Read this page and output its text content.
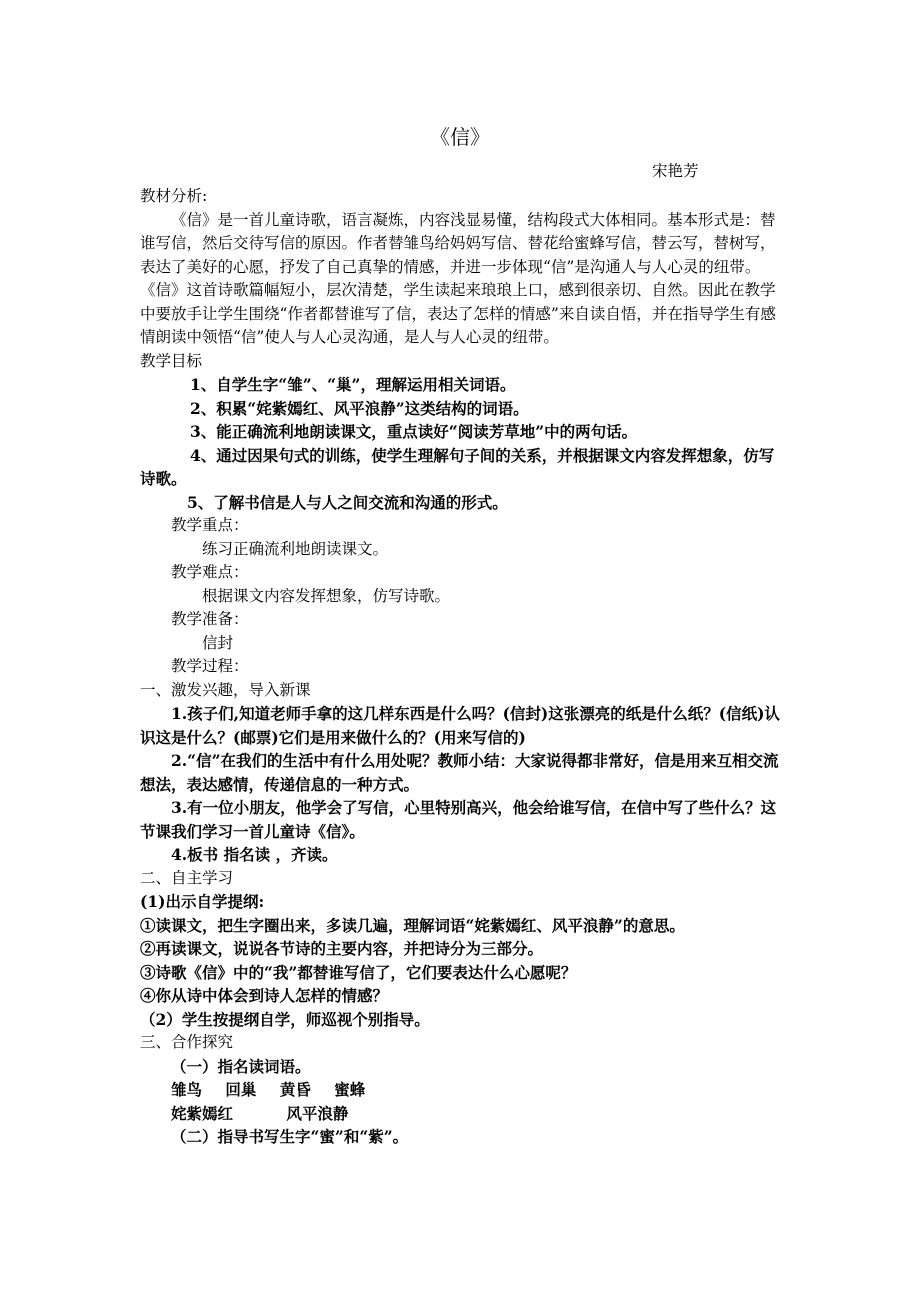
《信》
宋艳芳

教材分析:

《信》是一首儿童诗歌，语言凝炼，内容浅显易懂，结构段式大体相同。基本形式是：替谁写信，然后交待写信的原因。作者替雏鸟给妈妈写信、替花给蜜蜂写信，替云写，替树写，表达了美好的心愿，抒发了自己真挚的情感，并进一步体现“信”是沟通人与人心灵的纽带。《信》这首诗歌篇幅短小，层次清楚，学生读起来琅琅上口，感到很亲切、自然。因此在教学中要放手让学生围绕“作者都替谁写了信，表达了怎样的情感”来自读自悟，并在指导学生有感情朗读中领悟“信”使人与人心灵沟通，是人与人心灵的纽带。

教学目标

1、自学生字“雏”、“巢”，理解运用相关词语。

2、积累“姹紫嫣红、风平浪静”这类结构的词语。

3、能正确流利地朗读课文，重点读好“阅读芳草地”中的两句话。

4、通过因果句式的训练，使学生理解句子间的关系，并根据课文内容发挥想象，仿写诗歌。

5、了解书信是人与人之间交流和沟通的形式。

教学重点：

练习正确流利地朗读课文。

教学难点：

根据课文内容发挥想象，仿写诗歌。

教学准备：

信封

教学过程：

一、激发兴趣，导入新课

1.孩子们,知道老师手拿的这几样东西是什么吗？(信封)这张漂亮的纸是什么纸？(信纸)认识这是什么？(邮票)它们是用来做什么的？(用来写信的)

2.“信”在我们的生活中有什么用处呢？教师小结：大家说得都非常好，信是用来互相交流想法，表达感情，传递信息的一种方式。

3.有一位小朋友，他学会了写信，心里特别高兴，他会给谁写信，在信中写了些什么？这节课我们学习一首儿童诗《信》。

4.板书 指名读 ，齐读。

二、自主学习

(1)出示自学提纲:

①读课文，把生字圈出来，多读几遍，理解词语“姹紫嫣红、风平浪静”的意思。

②再读课文，说说各节诗的主要内容，并把诗分为三部分。

③诗歌《信》中的“我”都替谁写信了，它们要表达什么心愿呢？

④你从诗中体会到诗人怎样的情感？

（2）学生按提纲自学，师巡视个别指导。

三、合作探究

（一）指名读词语。

雏鸟 回巢 黄昏 蜜蜂

姹紫嫣红	风平浪静

（二）指导书写生字“蜜”和“紫”。
